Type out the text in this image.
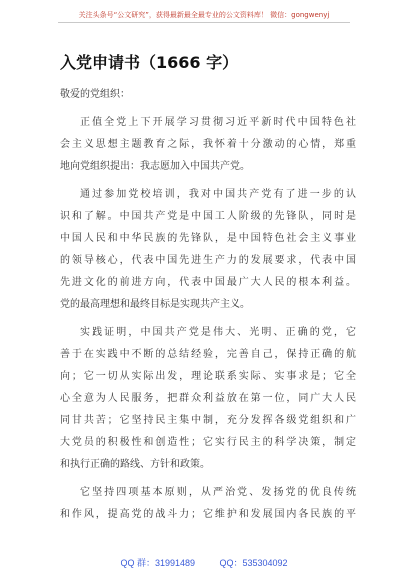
关注头条号“公文研究”，获得最新最全最专业的公文资料库！ 微信：gongwenyj
入党申请书（1666 字）
敬爱的党组织：
正值全党上下开展学习贯彻习近平新时代中国特色社
会主义思想主题教育之际，我怀着十分激动的心情，郑重
地向党组织提出：我志愿加入中国共产党。
通过参加党校培训，我对中国共产党有了进一步的认
识和了解。中国共产党是中国工人阶级的先锋队，同时是
中国人民和中华民族的先锋队，是中国特色社会主义事业
的领导核心，代表中国先进生产力的发展要求，代表中国
先进文化的前进方向，代表中国最广大人民的根本利益。
党的最高理想和最终目标是实现共产主义。
实践证明，中国共产党是伟大、光明、正确的党，它
善于在实践中不断的总结经验，完善自己，保持正确的航
向；它一切从实际出发，理论联系实际、实事求是；它全
心全意为人民服务，把群众利益放在第一位，同广大人民
同甘共苦；它坚持民主集中制，充分发挥各级党组织和广
大党员的积极性和创造性；它实行民主的科学决策，制定
和执行正确的路线、方针和政策。
它坚持四项基本原则，从严治党、发扬党的优良传统
和作风，提高党的战斗力；它维护和发展国内各民族的平
QQ 群：31991489	QQ：535304092
